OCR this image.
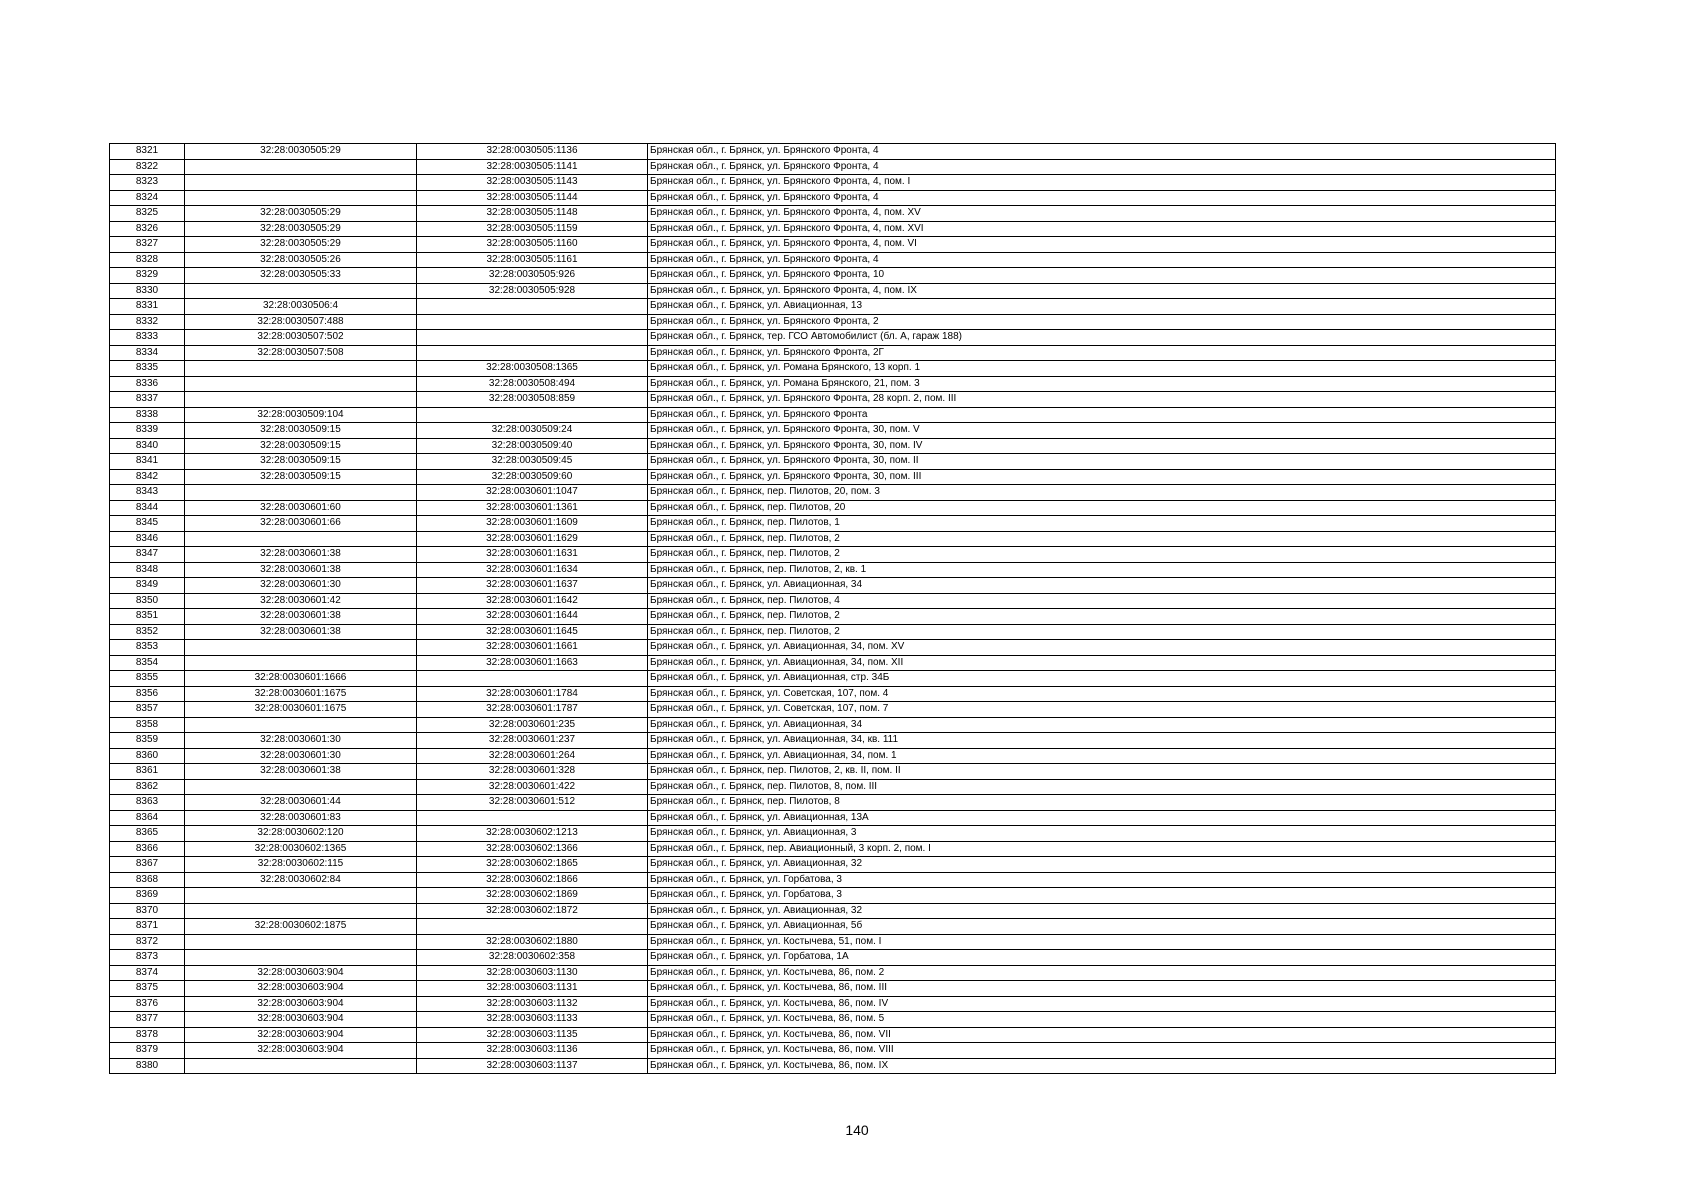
8321	32:28:0030505:29	32:28:0030505:1136	Брянская обл., г. Брянск, ул. Брянского Фронта, 4
8322		32:28:0030505:1141	Брянская обл., г. Брянск, ул. Брянского Фронта, 4
8323		32:28:0030505:1143	Брянская обл., г. Брянск, ул. Брянского Фронта, 4, пом. I
8324		32:28:0030505:1144	Брянская обл., г. Брянск, ул. Брянского Фронта, 4
8325	32:28:0030505:29	32:28:0030505:1148	Брянская обл., г. Брянск, ул. Брянского Фронта, 4, пом. XV
8326	32:28:0030505:29	32:28:0030505:1159	Брянская обл., г. Брянск, ул. Брянского Фронта, 4, пом. XVI
8327	32:28:0030505:29	32:28:0030505:1160	Брянская обл., г. Брянск, ул. Брянского Фронта, 4, пом. VI
8328	32:28:0030505:26	32:28:0030505:1161	Брянская обл., г. Брянск, ул. Брянского Фронта, 4
8329	32:28:0030505:33	32:28:0030505:926	Брянская обл., г. Брянск, ул. Брянского Фронта, 10
8330		32:28:0030505:928	Брянская обл., г. Брянск, ул. Брянского Фронта, 4, пом. IX
8331	32:28:0030506:4		Брянская обл., г. Брянск, ул. Авиационная, 13
8332	32:28:0030507:488		Брянская обл., г. Брянск, ул. Брянского Фронта, 2
8333	32:28:0030507:502		Брянская обл., г. Брянск, тер. ГСО Автомобилист (бл. А, гараж 188)
8334	32:28:0030507:508		Брянская обл., г. Брянск, ул. Брянского Фронта, 2Г
8335		32:28:0030508:1365	Брянская обл., г. Брянск, ул. Романа Брянского, 13 корп. 1
8336		32:28:0030508:494	Брянская обл., г. Брянск, ул. Романа Брянского, 21, пом. 3
8337		32:28:0030508:859	Брянская обл., г. Брянск, ул. Брянского Фронта, 28 корп. 2, пом. III
8338	32:28:0030509:104		Брянская обл., г. Брянск, ул. Брянского Фронта
8339	32:28:0030509:15	32:28:0030509:24	Брянская обл., г. Брянск, ул. Брянского Фронта, 30, пом. V
8340	32:28:0030509:15	32:28:0030509:40	Брянская обл., г. Брянск, ул. Брянского Фронта, 30, пом. IV
8341	32:28:0030509:15	32:28:0030509:45	Брянская обл., г. Брянск, ул. Брянского Фронта, 30, пом. II
8342	32:28:0030509:15	32:28:0030509:60	Брянская обл., г. Брянск, ул. Брянского Фронта, 30, пом. III
8343		32:28:0030601:1047	Брянская обл., г. Брянск, пер. Пилотов, 20, пом. 3
8344	32:28:0030601:60	32:28:0030601:1361	Брянская обл., г. Брянск, пер. Пилотов, 20
8345	32:28:0030601:66	32:28:0030601:1609	Брянская обл., г. Брянск, пер. Пилотов, 1
8346		32:28:0030601:1629	Брянская обл., г. Брянск, пер. Пилотов, 2
8347	32:28:0030601:38	32:28:0030601:1631	Брянская обл., г. Брянск, пер. Пилотов, 2
8348	32:28:0030601:38	32:28:0030601:1634	Брянская обл., г. Брянск, пер. Пилотов, 2, кв. 1
8349	32:28:0030601:30	32:28:0030601:1637	Брянская обл., г. Брянск, ул. Авиационная, 34
8350	32:28:0030601:42	32:28:0030601:1642	Брянская обл., г. Брянск, пер. Пилотов, 4
8351	32:28:0030601:38	32:28:0030601:1644	Брянская обл., г. Брянск, пер. Пилотов, 2
8352	32:28:0030601:38	32:28:0030601:1645	Брянская обл., г. Брянск, пер. Пилотов, 2
8353		32:28:0030601:1661	Брянская обл., г. Брянск, ул. Авиационная, 34, пом. XV
8354		32:28:0030601:1663	Брянская обл., г. Брянск, ул. Авиационная, 34, пом. XII
8355	32:28:0030601:1666		Брянская обл., г. Брянск, ул. Авиационная, стр. 34Б
8356	32:28:0030601:1675	32:28:0030601:1784	Брянская обл., г. Брянск, ул. Советская, 107, пом. 4
8357	32:28:0030601:1675	32:28:0030601:1787	Брянская обл., г. Брянск, ул. Советская, 107, пом. 7
8358		32:28:0030601:235	Брянская обл., г. Брянск, ул. Авиационная, 34
8359	32:28:0030601:30	32:28:0030601:237	Брянская обл., г. Брянск, ул. Авиационная, 34, кв. 111
8360	32:28:0030601:30	32:28:0030601:264	Брянская обл., г. Брянск, ул. Авиационная, 34, пом. 1
8361	32:28:0030601:38	32:28:0030601:328	Брянская обл., г. Брянск, пер. Пилотов, 2, кв. II, пом. II
8362		32:28:0030601:422	Брянская обл., г. Брянск, пер. Пилотов, 8, пом. III
8363	32:28:0030601:44	32:28:0030601:512	Брянская обл., г. Брянск, пер. Пилотов, 8
8364	32:28:0030601:83		Брянская обл., г. Брянск, ул. Авиационная, 13А
8365	32:28:0030602:120	32:28:0030602:1213	Брянская обл., г. Брянск, ул. Авиационная, 3
8366	32:28:0030602:1365	32:28:0030602:1366	Брянская обл., г. Брянск, пер. Авиационный, 3 корп. 2, пом. I
8367	32:28:0030602:115	32:28:0030602:1865	Брянская обл., г. Брянск, ул. Авиационная, 32
8368	32:28:0030602:84	32:28:0030602:1866	Брянская обл., г. Брянск, ул. Горбатова, 3
8369		32:28:0030602:1869	Брянская обл., г. Брянск, ул. Горбатова, 3
8370		32:28:0030602:1872	Брянская обл., г. Брянск, ул. Авиационная, 32
8371	32:28:0030602:1875		Брянская обл., г. Брянск, ул. Авиационная, 5б
8372		32:28:0030602:1880	Брянская обл., г. Брянск, ул. Костычева, 51, пом. I
8373		32:28:0030602:358	Брянская обл., г. Брянск, ул. Горбатова, 1А
8374	32:28:0030603:904	32:28:0030603:1130	Брянская обл., г. Брянск, ул. Костычева, 86, пом. 2
8375	32:28:0030603:904	32:28:0030603:1131	Брянская обл., г. Брянск, ул. Костычева, 86, пом. III
8376	32:28:0030603:904	32:28:0030603:1132	Брянская обл., г. Брянск, ул. Костычева, 86, пом. IV
8377	32:28:0030603:904	32:28:0030603:1133	Брянская обл., г. Брянск, ул. Костычева, 86, пом. 5
8378	32:28:0030603:904	32:28:0030603:1135	Брянская обл., г. Брянск, ул. Костычева, 86, пом. VII
8379	32:28:0030603:904	32:28:0030603:1136	Брянская обл., г. Брянск, ул. Костычева, 86, пом. VIII
8380		32:28:0030603:1137	Брянская обл., г. Брянск, ул. Костычева, 86, пом. IX
140
